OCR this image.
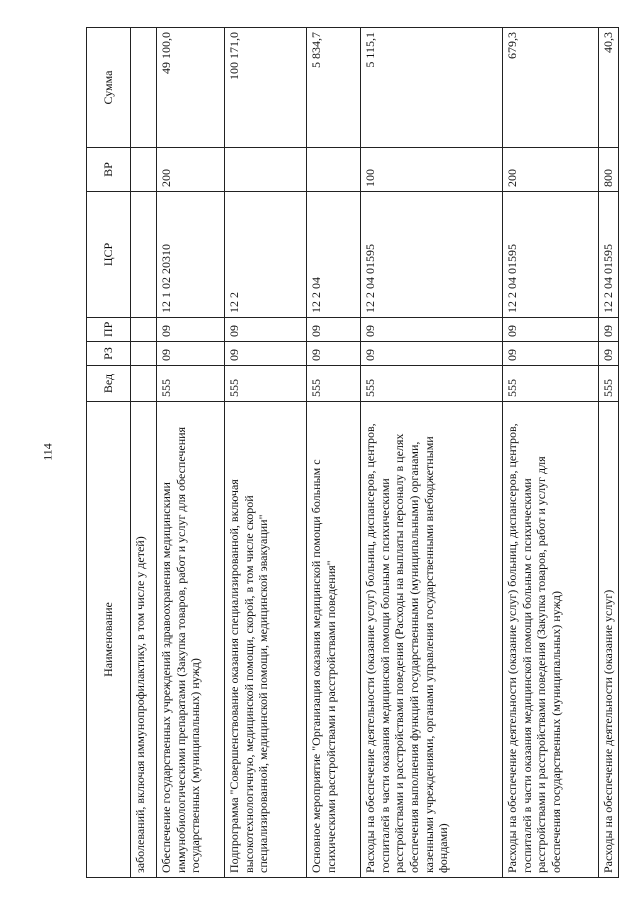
114
Наименование	Вед	РЗ	ПР	ЦСР	ВР	Сумма
заболеваний, включая иммунопрофилактику, в том числе у детей)						
Обеспечение государственных учреждений здравоохранения медицинскими иммунобиологическими препаратами (Закупка товаров, работ и услуг для обеспечения государственных (муниципальных) нужд)	555	09	09	12 1 02 20310	200	49 100,0
Подпрограмма "Совершенствование оказания специализированной, включая высокотехнологичную, медицинской помощи, скорой, в том числе скорой специализированной, медицинской помощи, медицинской эвакуации"	555	09	09	12 2		100 171,0
Основное мероприятие "Организация оказания медицинской помощи больным с психическими расстройствами и расстройствами поведения"	555	09	09	12 2 04		5 834,7
Расходы на обеспечение деятельности (оказание услуг) больниц, диспансеров, центров, госпиталей в части оказания медицинской помощи больным с психическими расстройствами и расстройствами поведения (Расходы на выплаты персоналу в целях обеспечения выполнения функций государственными (муниципальными) органами, казенными учреждениями, органами управления государственными внебюджетными фондами)	555	09	09	12 2 04 01595	100	5 115,1
Расходы на обеспечение деятельности (оказание услуг) больниц, диспансеров, центров, госпиталей в части оказания медицинской помощи больным с психическими расстройствами и расстройствами поведения (Закупка товаров, работ и услуг для обеспечения государственных (муниципальных) нужд)	555	09	09	12 2 04 01595	200	679,3
Расходы на обеспечение деятельности (оказание услуг)	555	09	09	12 2 04 01595	800	40,3
